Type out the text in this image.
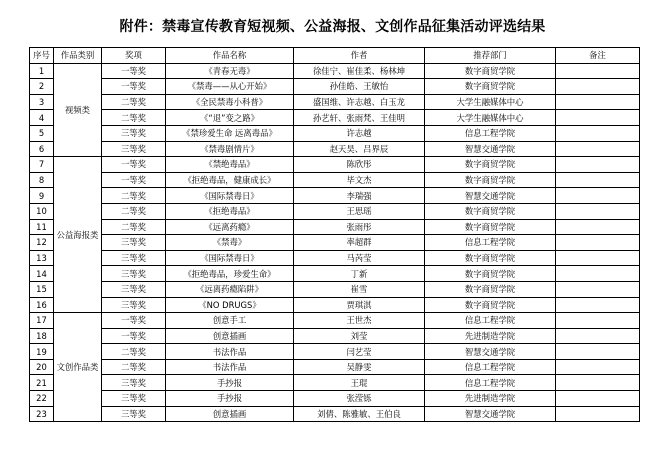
附件：禁毒宣传教育短视频、公益海报、文创作品征集活动评选结果
序号	作品类别	奖项	作品名称	作者	推荐部门	备注
1	视频类	一等奖	《青春无毒》	徐佳宁、崔佳柔、杨林坤	数字商贸学院	
2		一等奖	《禁毒——从心开始》	孙佳皓、王敏怡	数字商贸学院	
3		二等奖	《全民禁毒小科普》	盛国维、许志越、白玉龙	大学生融媒体中心	
4		二等奖	《“退”变之路》	孙艺轩、张雨梵、王佳明	大学生融媒体中心	
5		三等奖	《禁珍爱生命 远离毒品》	许志越	信息工程学院	
6		三等奖	《禁毒剧情片》	赵天昊、吕界辰	智慧交通学院	
7	公益海报类	一等奖	《禁绝毒品》	陈欣彤	数字商贸学院	
8		一等奖	《拒绝毒品，健康成长》	毕文杰	数字商贸学院	
9		二等奖	《国际禁毒日》	李瑞强	智慧交通学院	
10		二等奖	《拒绝毒品》	王思瑶	数字商贸学院	
11		二等奖	《远离药瘾》	张雨彤	数字商贸学院	
12		三等奖	《禁毒》	率超群	信息工程学院	
13		三等奖	《国际禁毒日》	马芮莹	数字商贸学院	
14		三等奖	《拒绝毒品，珍爱生命》	丁新	数字商贸学院	
15		三等奖	《远离药瘾陷阱》	崔雪	数字商贸学院	
16		三等奖	《NO DRUGS》	贾琪淇	数字商贸学院	
17	文创作品类	一等奖	创意手工	王世杰	信息工程学院	
18		一等奖	创意插画	刘莹	先进制造学院	
19		二等奖	书法作品	闫艺莹	智慧交通学院	
20		二等奖	书法作品	吴静雯	信息工程学院	
21		三等奖	手抄报	王琨	信息工程学院	
22		三等奖	手抄报	张滢铄	先进制造学院	
23		三等奖	创意插画	刘倩、陈雅敏、王伯良	智慧交通学院	
